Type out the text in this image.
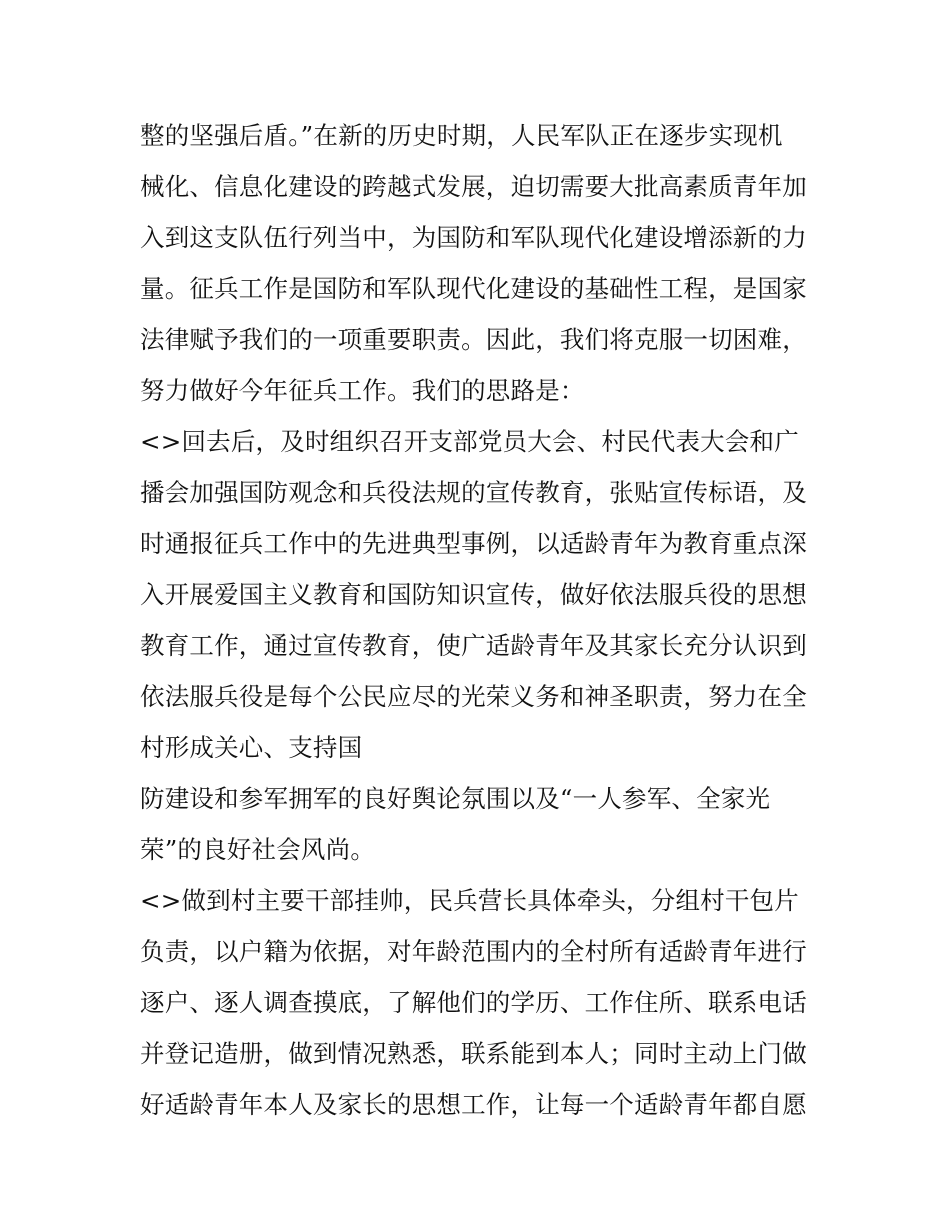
整的坚强后盾。”在新的历史时期，人民军队正在逐步实现机
械化、信息化建设的跨越式发展，迫切需要大批高素质青年加
入到这支队伍行列当中，为国防和军队现代化建设增添新的力
量。征兵工作是国防和军队现代化建设的基础性工程，是国家
法律赋予我们的一项重要职责。因此，我们将克服一切困难，
努力做好今年征兵工作。我们的思路是：
<>回去后，及时组织召开支部党员大会、村民代表大会和广
播会加强国防观念和兵役法规的宣传教育，张贴宣传标语，及
时通报征兵工作中的先进典型事例，以适龄青年为教育重点深
入开展爱国主义教育和国防知识宣传，做好依法服兵役的思想
教育工作，通过宣传教育，使广适龄青年及其家长充分认识到
依法服兵役是每个公民应尽的光荣义务和神圣职责，努力在全
村形成关心、支持国
防建设和参军拥军的良好舆论氛围以及“一人参军、全家光
荣”的良好社会风尚。
<>做到村主要干部挂帅，民兵营长具体牵头，分组村干包片
负责，以户籍为依据，对年龄范围内的全村所有适龄青年进行
逐户、逐人调查摸底，了解他们的学历、工作住所、联系电话
并登记造册，做到情况熟悉，联系能到本人；同时主动上门做
好适龄青年本人及家长的思想工作，让每一个适龄青年都自愿
